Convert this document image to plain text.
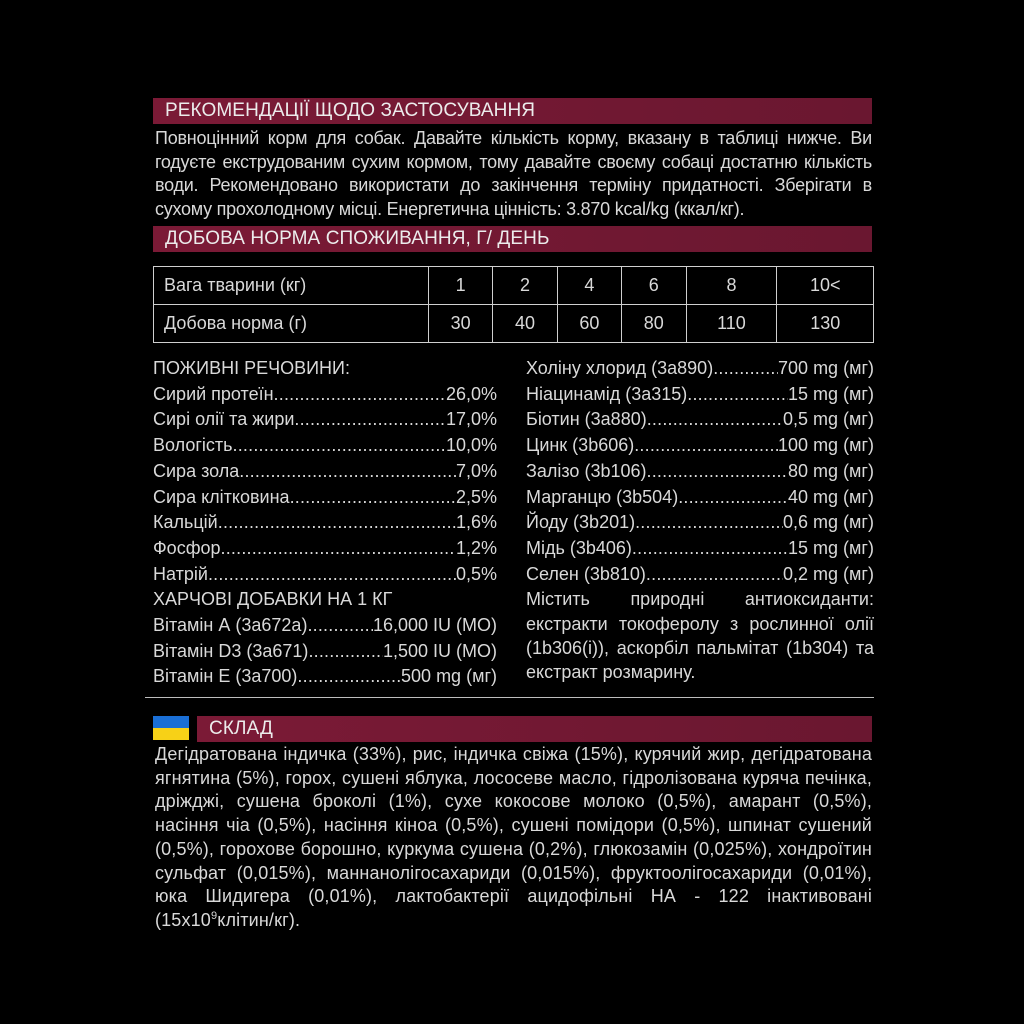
РЕКОМЕНДАЦІЇ ЩОДО ЗАСТОСУВАННЯ
Повноцінний корм для собак. Давайте кількість корму, вказану в таблиці нижче. Ви годуєте екструдованим сухим кормом, тому давайте своєму собаці достатню кількість води. Рекомендовано використати до закінчення терміну придатності. Зберігати в сухому прохолодному місці. Енергетична цінність: 3.870 kcal/kg (ккал/кг).
ДОБОВА НОРМА СПОЖИВАННЯ, Г/ ДЕНЬ
Вага тварини (кг)	1	2	4	6	8	10<
Добова норма (г)	30	40	60	80	110	130
ПОЖИВНІ РЕЧОВИНИ:
Сирий протеїн .....	26,0%
Сирі олії та жири .....	17,0%
Вологість .....	10,0%
Сира зола .....	7,0%
Сира клітковина .....	2,5%
Кальцій .....	1,6%
Фосфор .....	1,2%
Натрій .....	0,5%
ХАРЧОВІ ДОБАВКИ НА 1 КГ
Вітамін А (3a672a) .....	16,000 IU (MO)
Вітамін D3 (3a671) .....	1,500 IU (MO)
Вітамін Е (3a700) .....	500 mg (мг)
Холіну хлорид (3a890) .....	700 mg (мг)
Ніацинамід (3a315) .....	15 mg (мг)
Біотин (3a880) .....	0,5 mg (мг)
Цинк (3b606) .....	100 mg (мг)
Залізо (3b106) .....	80 mg (мг)
Марганцю (3b504) .....	40 mg (мг)
Йоду (3b201) .....	0,6 mg (мг)
Мідь (3b406) .....	15 mg (мг)
Селен (3b810) .....	0,2 mg (мг)
Містить природні антиоксиданти: екстракти токоферолу з рослинної олії (1b306(i)), аскорбіл пальмітат (1b304) та екстракт розмарину.
СКЛАД
Дегідратована індичка (33%), рис, індичка свіжа (15%), курячий жир, дегідратована ягнятина (5%), горох, сушені яблука, лососеве масло, гідролізована куряча печінка, дріжджі, сушена броколі (1%), сухе кокосове молоко (0,5%), амарант (0,5%), насіння чіа (0,5%), насіння кіноа (0,5%), сушені помідори (0,5%), шпинат сушений (0,5%), горохове борошно, куркума сушена (0,2%), глюкозамін (0,025%), хондроїтин сульфат (0,015%), маннанолігосахариди (0,015%), фруктоолігосахариди (0,01%), юка Шидигера (0,01%), лактобактерії ацидофільні НА - 122 інактивовані $(15х10^9клітин/кг)$.
